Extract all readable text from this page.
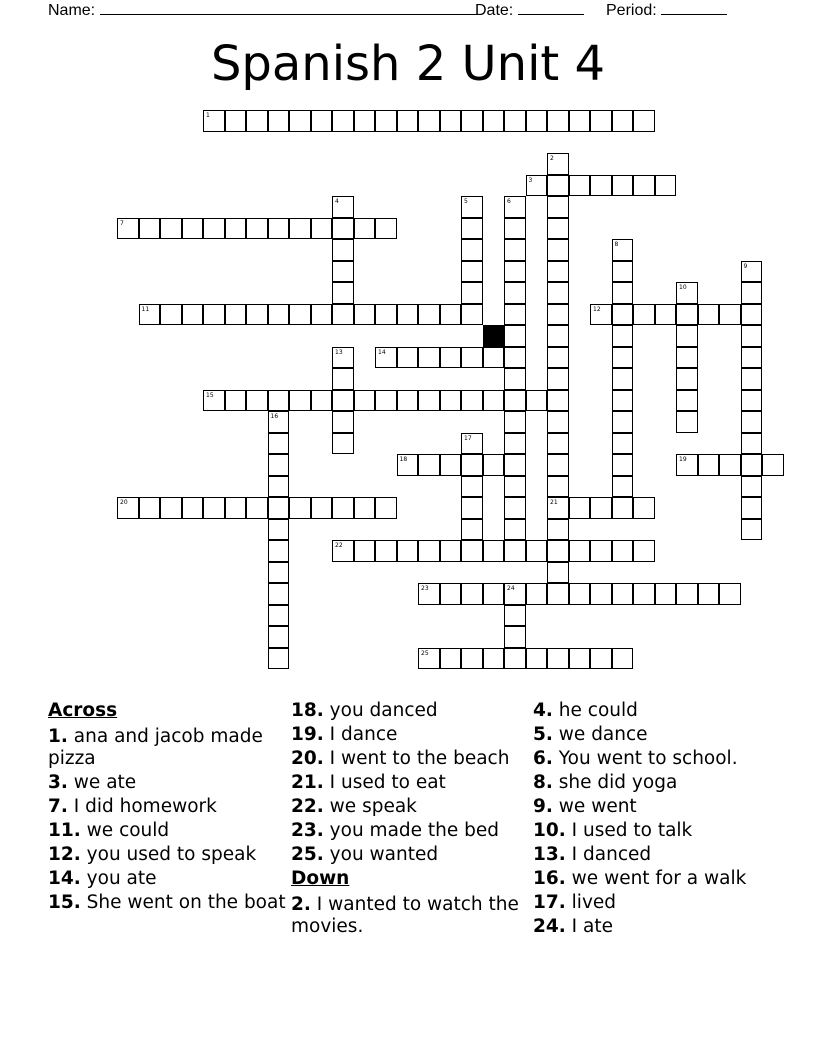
Name:	Date:	Period:
Spanish 2 Unit 4
1
2
21
3
4	5	6
7
8
9
10
11	12
13	14
15
16
17
18	19
20
22
23	24
25
Across
1. ana and jacob made pizza
3. we ate
7. I did homework
11. we could
12. you used to speak
14. you ate
15. She went on the boat
18. you danced
19. I dance
20. I went to the beach
21. I used to eat
22. we speak
23. you made the bed
25. you wanted
Down
2. I wanted to watch the movies.
4. he could
5. we dance
6. You went to school.
8. she did yoga
9. we went
10. I used to talk
13. I danced
16. we went for a walk
17. lived
24. I ate
